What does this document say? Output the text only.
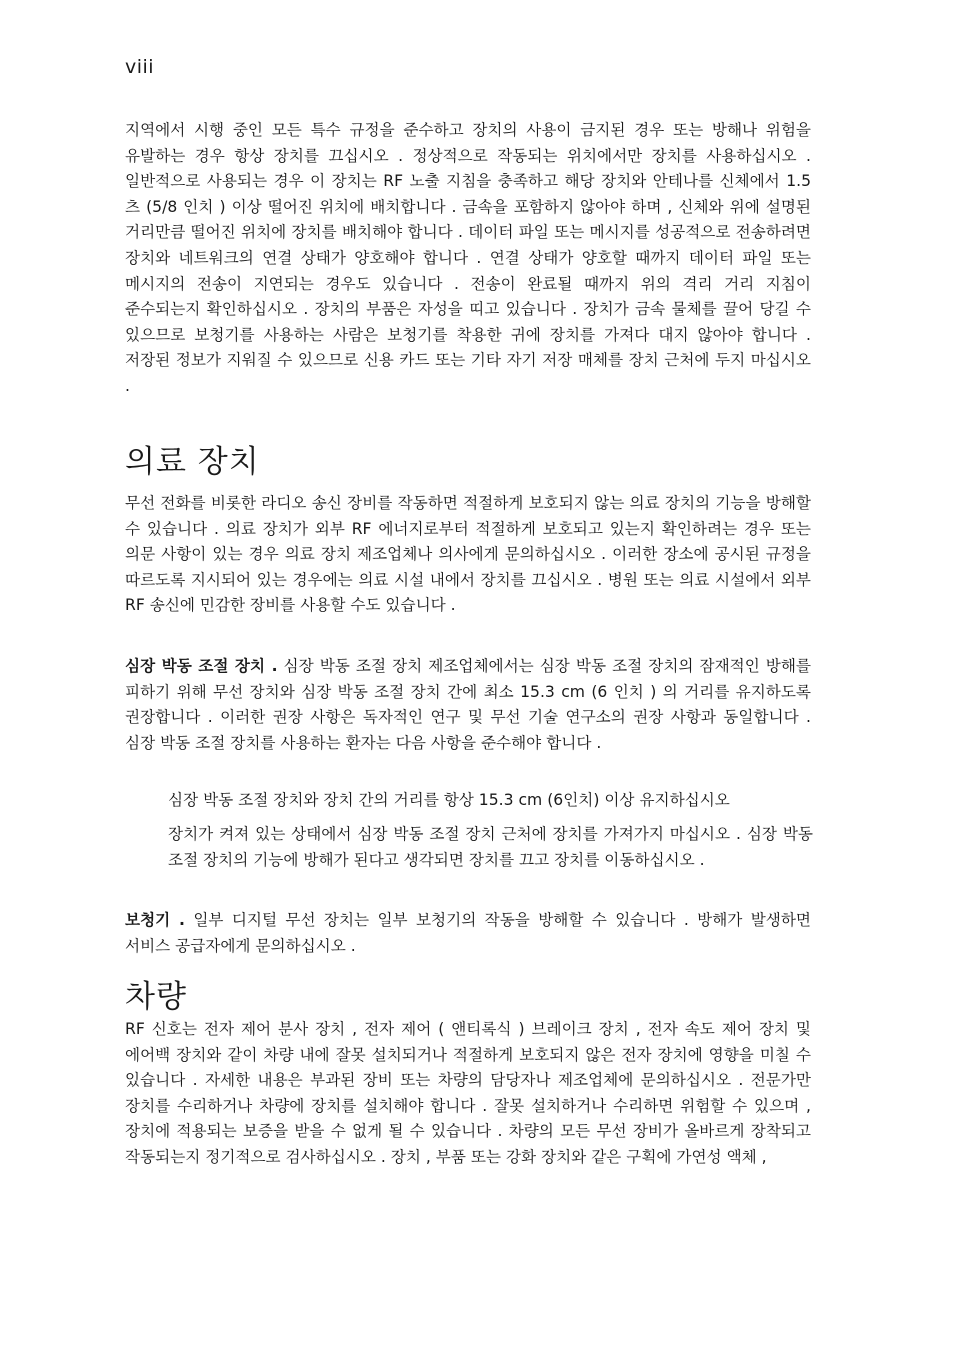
viii

지역에서 시행 중인 모든 특수 규정을 준수하고 장치의 사용이 금지된 경우 또는 방해나 위험을 유발하는 경우 항상 장치를 끄십시오 . 정상적으로 작동되는 위치에서만 장치를 사용하십시오 . 일반적으로 사용되는 경우 이 장치는 RF 노출 지침을 충족하고 해당 장치와 안테나를 신체에서 1.5 츠 (5/8 인치 ) 이상 떨어진 위치에 배치합니다 . 금속을 포함하지 않아야 하며 , 신체와 위에 설명된 거리만큼 떨어진 위치에 장치를 배치해야 합니다 . 데이터 파일 또는 메시지를 성공적으로 전송하려면 장치와 네트워크의 연결 상태가 양호해야 합니다 . 연결 상태가 양호할 때까지 데이터 파일 또는 메시지의 전송이 지연되는 경우도 있습니다 . 전송이 완료될 때까지 위의 격리 거리 지침이 준수되는지 확인하십시오 . 장치의 부품은 자성을 띠고 있습니다 . 장치가 금속 물체를 끌어 당길 수 있으므로 보청기를 사용하는 사람은 보청기를 착용한 귀에 장치를 가져다 대지 않아야 합니다 . 저장된 정보가 지워질 수 있으므로 신용 카드 또는 기타 자기 저장 매체를 장치 근처에 두지 마십시오 .

의료 장치

무선 전화를 비롯한 라디오 송신 장비를 작동하면 적절하게 보호되지 않는 의료 장치의 기능을 방해할 수 있습니다 . 의료 장치가 외부 RF 에너지로부터 적절하게 보호되고 있는지 확인하려는 경우 또는 의문 사항이 있는 경우 의료 장치 제조업체나 의사에게 문의하십시오 . 이러한 장소에 공시된 규정을 따르도록 지시되어 있는 경우에는 의료 시설 내에서 장치를 끄십시오 . 병원 또는 의료 시설에서 외부 RF 송신에 민감한 장비를 사용할 수도 있습니다 .

심장 박동 조절 장치 . 심장 박동 조절 장치 제조업체에서는 심장 박동 조절 장치의 잠재적인 방해를 피하기 위해 무선 장치와 심장 박동 조절 장치 간에 최소 15.3 cm (6 인치 ) 의 거리를 유지하도록 권장합니다 . 이러한 권장 사항은 독자적인 연구 및 무선 기술 연구소의 권장 사항과 동일합니다 . 심장 박동 조절 장치를 사용하는 환자는 다음 사항을 준수해야 합니다 .

심장 박동 조절 장치와 장치 간의 거리를 항상 15.3 cm (6인치) 이상 유지하십시오

장치가 켜져 있는 상태에서 심장 박동 조절 장치 근처에 장치를 가져가지 마십시오 . 심장 박동 조절 장치의 기능에 방해가 된다고 생각되면 장치를 끄고 장치를 이동하십시오 .

보청기 . 일부 디지털 무선 장치는 일부 보청기의 작동을 방해할 수 있습니다 . 방해가 발생하면 서비스 공급자에게 문의하십시오 .

차량

RF 신호는 전자 제어 분사 장치 , 전자 제어 ( 앤티록식 ) 브레이크 장치 , 전자 속도 제어 장치 및 에어백 장치와 같이 차량 내에 잘못 설치되거나 적절하게 보호되지 않은 전자 장치에 영향을 미칠 수 있습니다 . 자세한 내용은 부과된 장비 또는 차량의 담당자나 제조업체에 문의하십시오 . 전문가만 장치를 수리하거나 차량에 장치를 설치해야 합니다 . 잘못 설치하거나 수리하면 위험할 수 있으며 , 장치에 적용되는 보증을 받을 수 없게 될 수 있습니다 . 차량의 모든 무선 장비가 올바르게 장착되고 작동되는지 정기적으로 검사하십시오 . 장치 , 부품 또는 강화 장치와 같은 구획에 가연성 액체 ,
